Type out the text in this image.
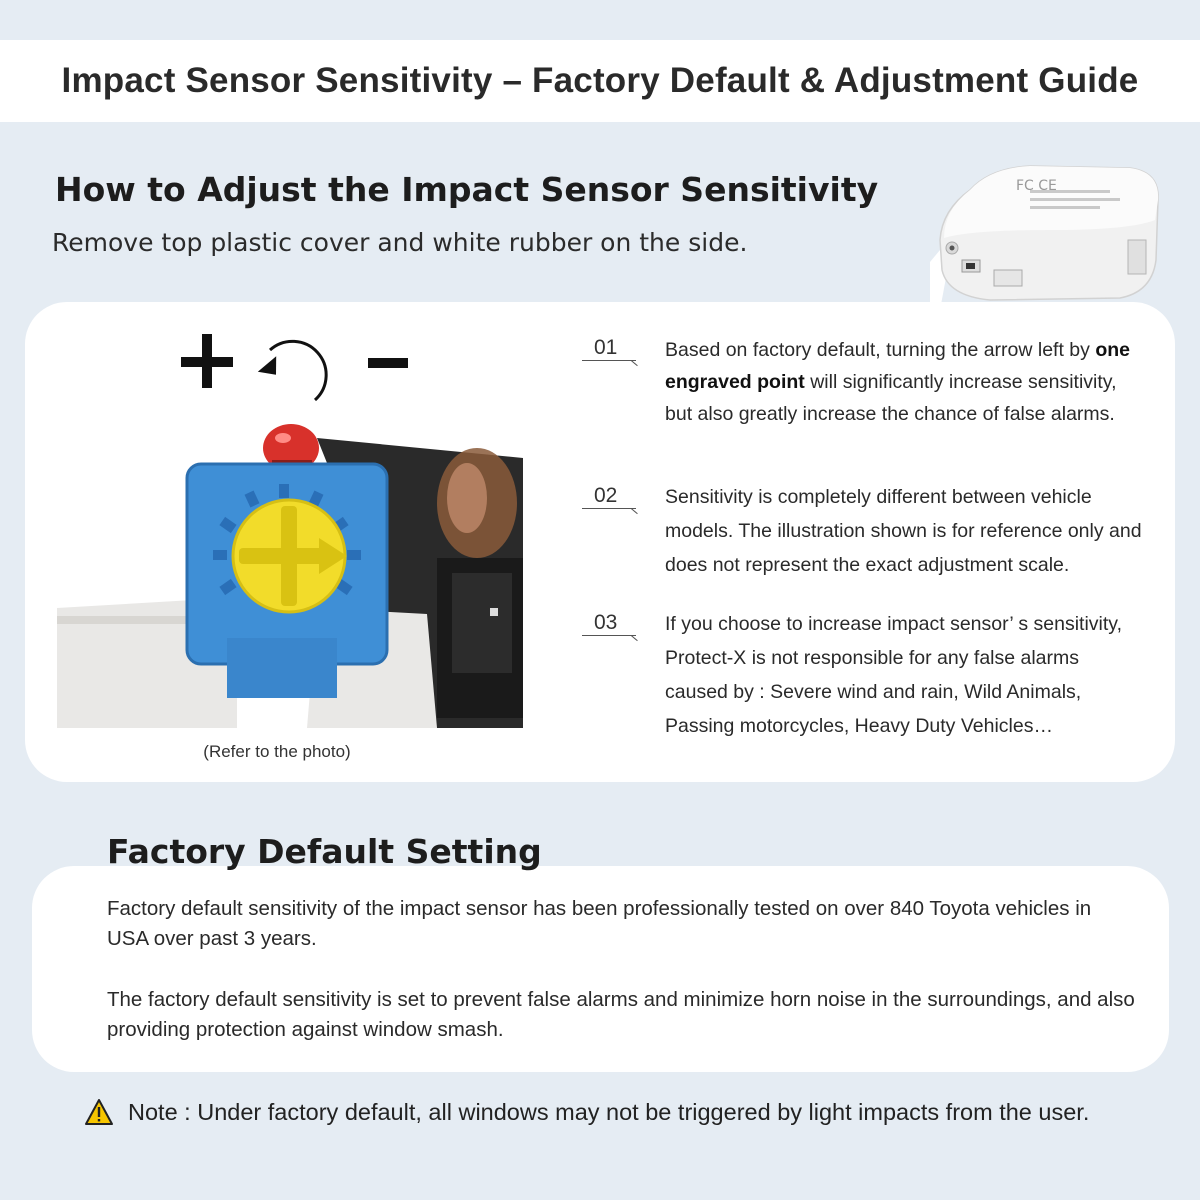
Impact Sensor Sensitivity – Factory Default & Adjustment Guide
How to Adjust the Impact Sensor Sensitivity

Remove top plastic cover and white rubber on the side.

FC CE
(Refer to the photo)
01	Based on factory default, turning the arrow left by one engraved point will significantly increase sensitivity, but also greatly increase the chance of false alarms.

02	Sensitivity is completely different between vehicle models. The illustration shown is for reference only and does not represent the exact adjustment scale.

03	If you choose to increase impact sensor’ s sensitivity, Protect-X is not responsible for any false alarms caused by : Severe wind and rain, Wild Animals, Passing motorcycles, Heavy Duty Vehicles…

Factory Default Setting

Factory default sensitivity of the impact sensor has been professionally tested on over 840 Toyota vehicles in USA over past 3 years.

The factory default sensitivity is set to prevent false alarms and minimize horn noise in the surroundings, and also providing protection against window smash.

Note : Under factory default, all windows may not be triggered by light impacts from the user.
